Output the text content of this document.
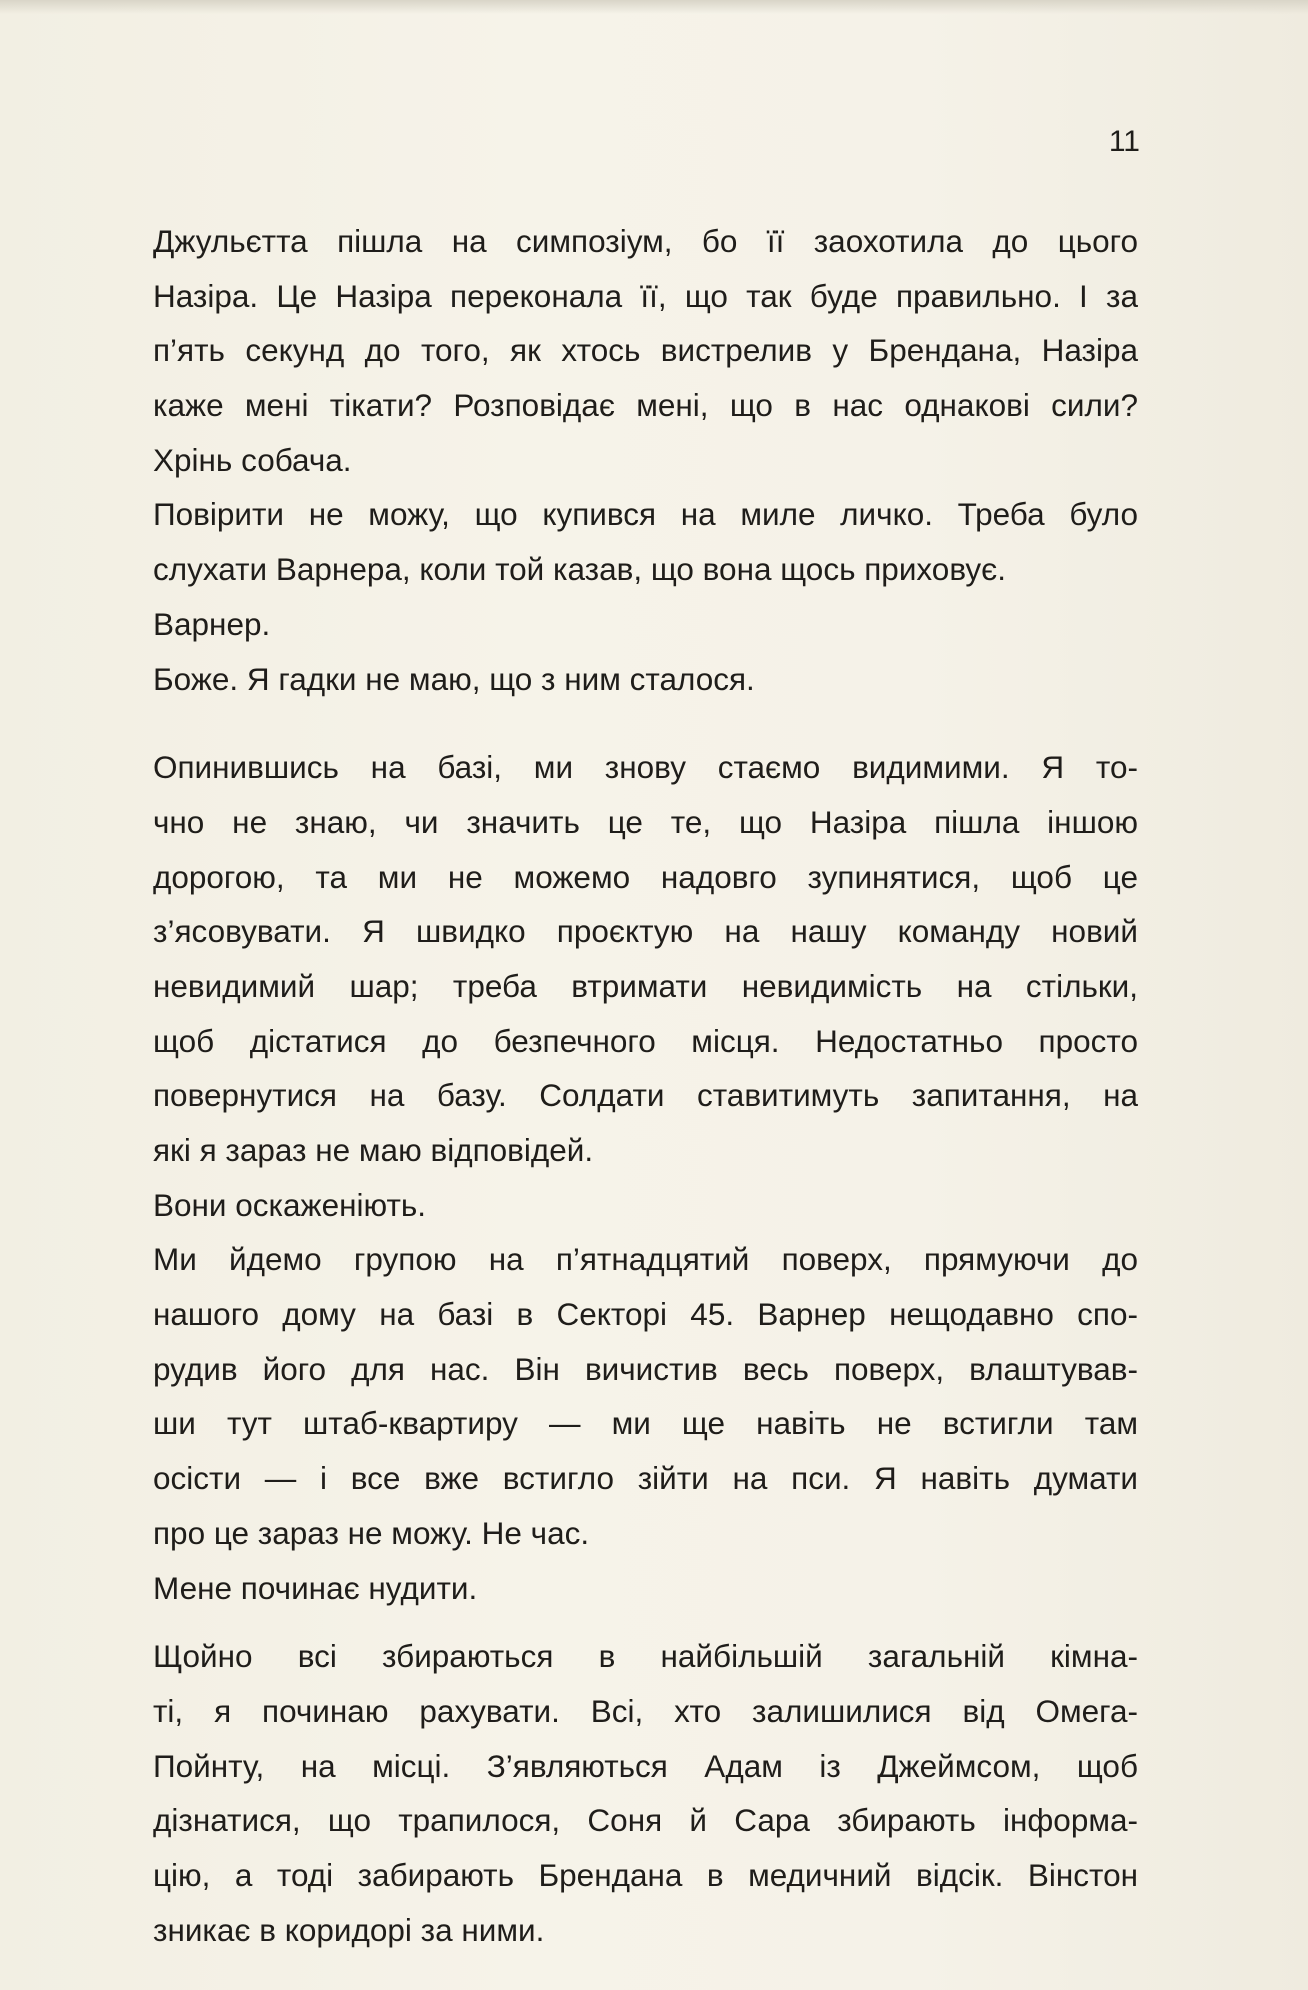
11
Джульєтта пішла на симпозіум, бо її заохотила до цього
Назіра. Це Назіра переконала її, що так буде правильно. І за
п’ять секунд до того, як хтось вистрелив у Брендана, Назіра
каже мені тікати? Розповідає мені, що в нас однакові сили?
Хрінь собача.
Повірити не можу, що купився на миле личко. Треба було
слухати Варнера, коли той казав, що вона щось приховує.
Варнер.
Боже. Я гадки не маю, що з ним сталося.
Опинившись на базі, ми знову стаємо видимими. Я то-
чно не знаю, чи значить це те, що Назіра пішла іншою
дорогою, та ми не можемо надовго зупинятися, щоб це
з’ясовувати. Я швидко проєктую на нашу команду новий
невидимий шар; треба втримати невидимість на стільки,
щоб дістатися до безпечного місця. Недостатньо просто
повернутися на базу. Солдати ставитимуть запитання, на
які я зараз не маю відповідей.
Вони оскаженіють.
Ми йдемо групою на п’ятнадцятий поверх, прямуючи до
нашого дому на базі в Секторі 45. Варнер нещодавно спо-
рудив його для нас. Він вичистив весь поверх, влаштував-
ши тут штаб-квартиру — ми ще навіть не встигли там
осісти — і все вже встигло зійти на пси. Я навіть думати
про це зараз не можу. Не час.
Мене починає нудити.
Щойно всі збираються в найбільшій загальній кімна-
ті, я починаю рахувати. Всі, хто залишилися від Омега-
Пойнту, на місці. З’являються Адам із Джеймсом, щоб
дізнатися, що трапилося, Соня й Сара збирають інформа-
цію, а тоді забирають Брендана в медичний відсік. Вінстон
зникає в коридорі за ними.
